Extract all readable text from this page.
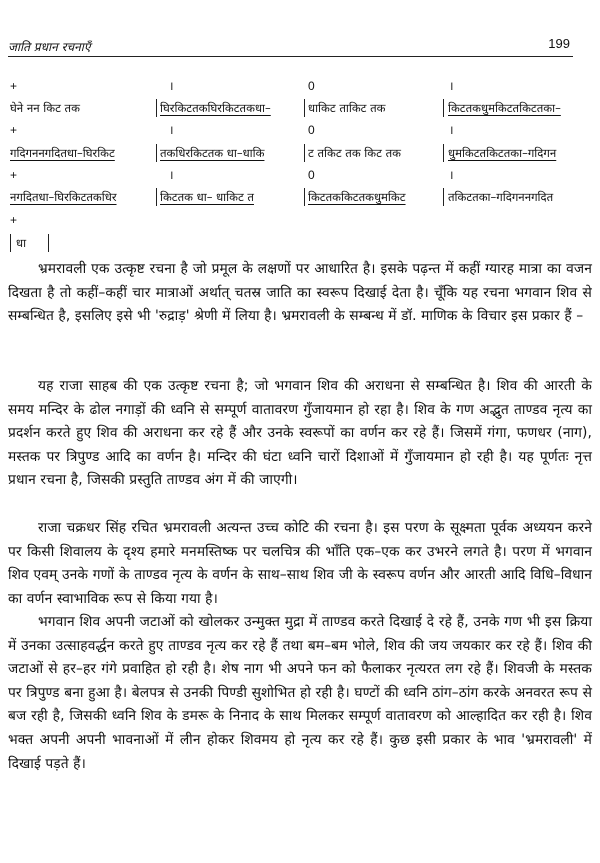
जाति प्रधान रचनाएँ	199
+	।	0	।
घेने नन किट तक	घिरकिटतकघिरकिटतकधा–	धाकिट ताकिट तक	किटतकधुमकिटतकिटतका–
+	।	0	।
गदिगननगदितधा–घिरकिट	तकधिरकिटतक धा–धाकि	ट तकिट तक किट तक	धुमकिटतकिटतका–गदिगन
+	।	0	।
नगदितधा–घिरकिटतकधिर	किटतक धा– धाकिट त	किटतककिटतकधुमकिट	तकिटतका–गदिगननगदित
+
धा

भ्रमरावली एक उत्कृष्ट रचना है जो प्रमूल के लक्षणों पर आधारित है। इसके पढ़न्त में कहीं ग्यारह मात्रा का वजन दिखता है तो कहीं–कहीं चार मात्राओं अर्थात् चतस्र जाति का स्वरूप दिखाई देता है। चूँकि यह रचना भगवान शिव से सम्बन्धित है, इसलिए इसे भी 'रुद्राड़' श्रेणी में लिया है। भ्रमरावली के सम्बन्ध में डॉ. माणिक के विचार इस प्रकार हैं –

यह राजा साहब की एक उत्कृष्ट रचना है; जो भगवान शिव की अराधना से सम्बन्धित है। शिव की आरती के समय मन्दिर के ढोल नगाड़ों की ध्वनि से सम्पूर्ण वातावरण गुँजायमान हो रहा है। शिव के गण अद्भुत ताण्डव नृत्य का प्रदर्शन करते हुए शिव की अराधना कर रहे हैं और उनके स्वरूपों का वर्णन कर रहे हैं। जिसमें गंगा, फणधर (नाग), मस्तक पर त्रिपुण्ड आदि का वर्णन है। मन्दिर की घंटा ध्वनि चारों दिशाओं में गुँजायमान हो रही है। यह पूर्णतः नृत्त प्रधान रचना है, जिसकी प्रस्तुति ताण्डव अंग में की जाएगी।

राजा चक्रधर सिंह रचित भ्रमरावली अत्यन्त उच्च कोटि की रचना है। इस परण के सूक्ष्मता पूर्वक अध्ययन करने पर किसी शिवालय के दृश्य हमारे मनमस्तिष्क पर चलचित्र की भाँति एक–एक कर उभरने लगते है। परण में भगवान शिव एवम् उनके गणों के ताण्डव नृत्य के वर्णन के साथ–साथ शिव जी के स्वरूप वर्णन और आरती आदि विधि–विधान का वर्णन स्वाभाविक रूप से किया गया है।

भगवान शिव अपनी जटाओं को खोलकर उन्मुक्त मुद्रा में ताण्डव करते दिखाई दे रहे हैं, उनके गण भी इस क्रिया में उनका उत्साहवर्द्धन करते हुए ताण्डव नृत्य कर रहे हैं तथा बम–बम भोले, शिव की जय जयकार कर रहे हैं। शिव की जटाओं से हर–हर गंगे प्रवाहित हो रही है। शेष नाग भी अपने फन को फैलाकर नृत्यरत लग रहे हैं। शिवजी के मस्तक पर त्रिपुण्ड बना हुआ है। बेलपत्र से उनकी पिण्डी सुशोभित हो रही है। घण्टों की ध्वनि ठांग–ठांग करके अनवरत रूप से बज रही है, जिसकी ध्वनि शिव के डमरू के निनाद के साथ मिलकर सम्पूर्ण वातावरण को आल्हादित कर रही है। शिव भक्त अपनी अपनी भावनाओं में लीन होकर शिवमय हो नृत्य कर रहे हैं। कुछ इसी प्रकार के भाव 'भ्रमरावली' में दिखाई पड़ते हैं।
